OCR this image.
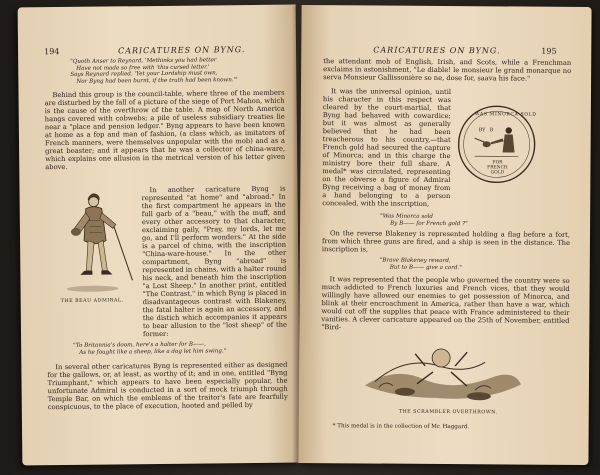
CARICATURES ON BYNG.
194
"Quoth Anser to Reynard, 'Methinks you had better
Have not made so free with 'this cursed letter.'
Says Reynard replied, 'Yet your Lordship must own,
Nor Byng had been burnt, if the truth had been known.'"
Behind this group is the council-table, where three of the members are disturbed by the fall of a picture of the siege of Port Mahon, which is the cause of the overthrow of the table. A map of North America hangs covered with cobwebs; a pile of useless subsidiary treaties lie near a "place and pension ledger." Byng appears to have been known at home as a fop and man of fashion, (a class which, as imitators of French manners, were themselves unpopular with the mob) and as a great boaster; and it appears that he was a collector of china-ware, which explains one allusion in the metrical version of his letter given above.
THE BEAU ADMIRAL.
In another caricature Byng is represented "at home" and "abroad." In the first compartment he appears in the full garb of a "beau," with the muff, and every other accessory to that character, exclaiming gaily, "Pray, my lords, let me go, and I'll perform wonders." At the side is a parcel of china, with the inscription "China-ware-house." In the other compartment, Byng "abroad" is represented in chains, with a halter round his neck, and beneath him the inscription "a Lost Sheep." In another print, entitled "The Contrast," in which Byng is placed in disadvantageous contrast with Blakeney, the fatal halter is again an accessory, and the distich which accompanies it appears to bear allusion to the "lost sheep" of the former:
"To Britannia's doom, here's a halter for B——,
As he fought like a sheep, like a dog let him swing."
In several other caricatures Byng is represented either as designed for the gallows, or, at least, as worthy of it; and in one, entitled "Byng Triumphant," which appears to have been especially popular, the unfortunate Admiral is conducted in a sort of mock triumph through Temple Bar, on which the emblems of the traitor's fate are fearfully conspicuous, to the place of execution, hooted and pelled by
CARICATURES ON BYNG.	195
the attendant mob of English, Irish, and Scots, while a Frenchman exclaims in astonishment, "Le diable! le monsieur le grand monarque no serva Monsieur Gallissonière so ne, dose for, saava his face."
It was the universal opinion, until his character in this respect was cleared by the court-martial, that Byng had behaved with cowardice; but it was almost as generally believed that he had been treacherous to his country,—that French gold had secured the capture of Minorca; and in this charge the ministry bore their full share. A medal* was circulated, representing on the obverse a figure of Admiral Byng receiving a bag of money from a hand belonging to a person concealed, with the inscription,
WAS MINORCA SOLD
BY B
FOR FRENCH GOLD
"Was Minorca sold
By B—— for French gold ?"
On the reverse Blakeney is represented holding a flag before a fort, from which three guns are fired, and a ship is seen in the distance. The inscription is,
"Brave Blakeney reward,
But to B—— give a cord."
It was represented that the people who governed the country were so much addicted to French luxuries and French vices, that they would willingly have allowed our enemies to get possession of Minorca, and blink at their encroachment in America, rather than have a war, which would cut off the supplies that peace with France administered to their vanities. A clever caricature appeared on the 25th of November, entitled "Bird-
THE SCRAMBLER OVERTHROWN.
* This medal is in the collection of Mr. Haggard.
